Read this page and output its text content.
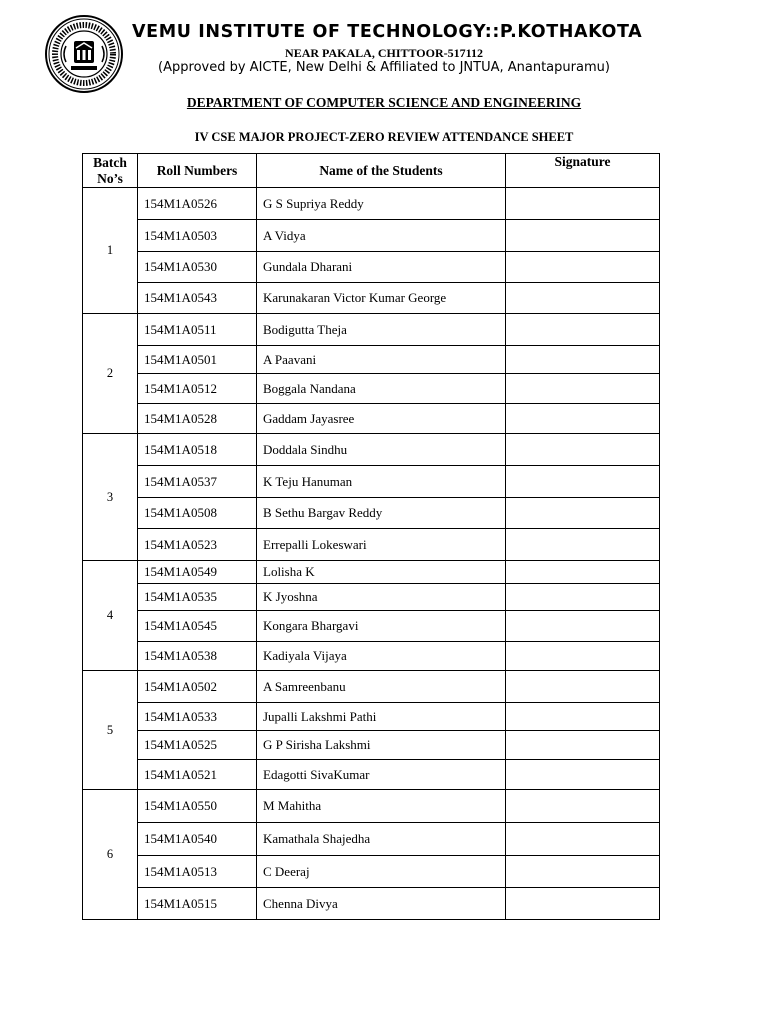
VEMU INSTITUTE OF TECHNOLOGY::P.KOTHAKOTA
NEAR PAKALA, CHITTOOR-517112
(Approved by AICTE, New Delhi & Affiliated to JNTUA, Anantapuramu)
DEPARTMENT OF COMPUTER SCIENCE AND ENGINEERING
IV CSE MAJOR PROJECT-ZERO REVIEW ATTENDANCE SHEET
Batch
No’s	Roll Numbers	Name of the Students	Signature
1	154M1A0526	G S Supriya Reddy	
	154M1A0503	A Vidya	
	154M1A0530	Gundala Dharani	
	154M1A0543	Karunakaran Victor Kumar George	
2	154M1A0511	Bodigutta Theja	
	154M1A0501	A Paavani	
	154M1A0512	Boggala Nandana	
	154M1A0528	Gaddam Jayasree	
3	154M1A0518	Doddala Sindhu	
	154M1A0537	K Teju Hanuman	
	154M1A0508	B Sethu Bargav Reddy	
	154M1A0523	Errepalli Lokeswari	
4	154M1A0549	Lolisha K	
	154M1A0535	K Jyoshna	
	154M1A0545	Kongara Bhargavi	
	154M1A0538	Kadiyala Vijaya	
5	154M1A0502	A Samreenbanu	
	154M1A0533	Jupalli Lakshmi Pathi	
	154M1A0525	G P Sirisha Lakshmi	
	154M1A0521	Edagotti SivaKumar	
6	154M1A0550	M Mahitha	
	154M1A0540	Kamathala Shajedha	
	154M1A0513	C Deeraj	
	154M1A0515	Chenna Divya	
